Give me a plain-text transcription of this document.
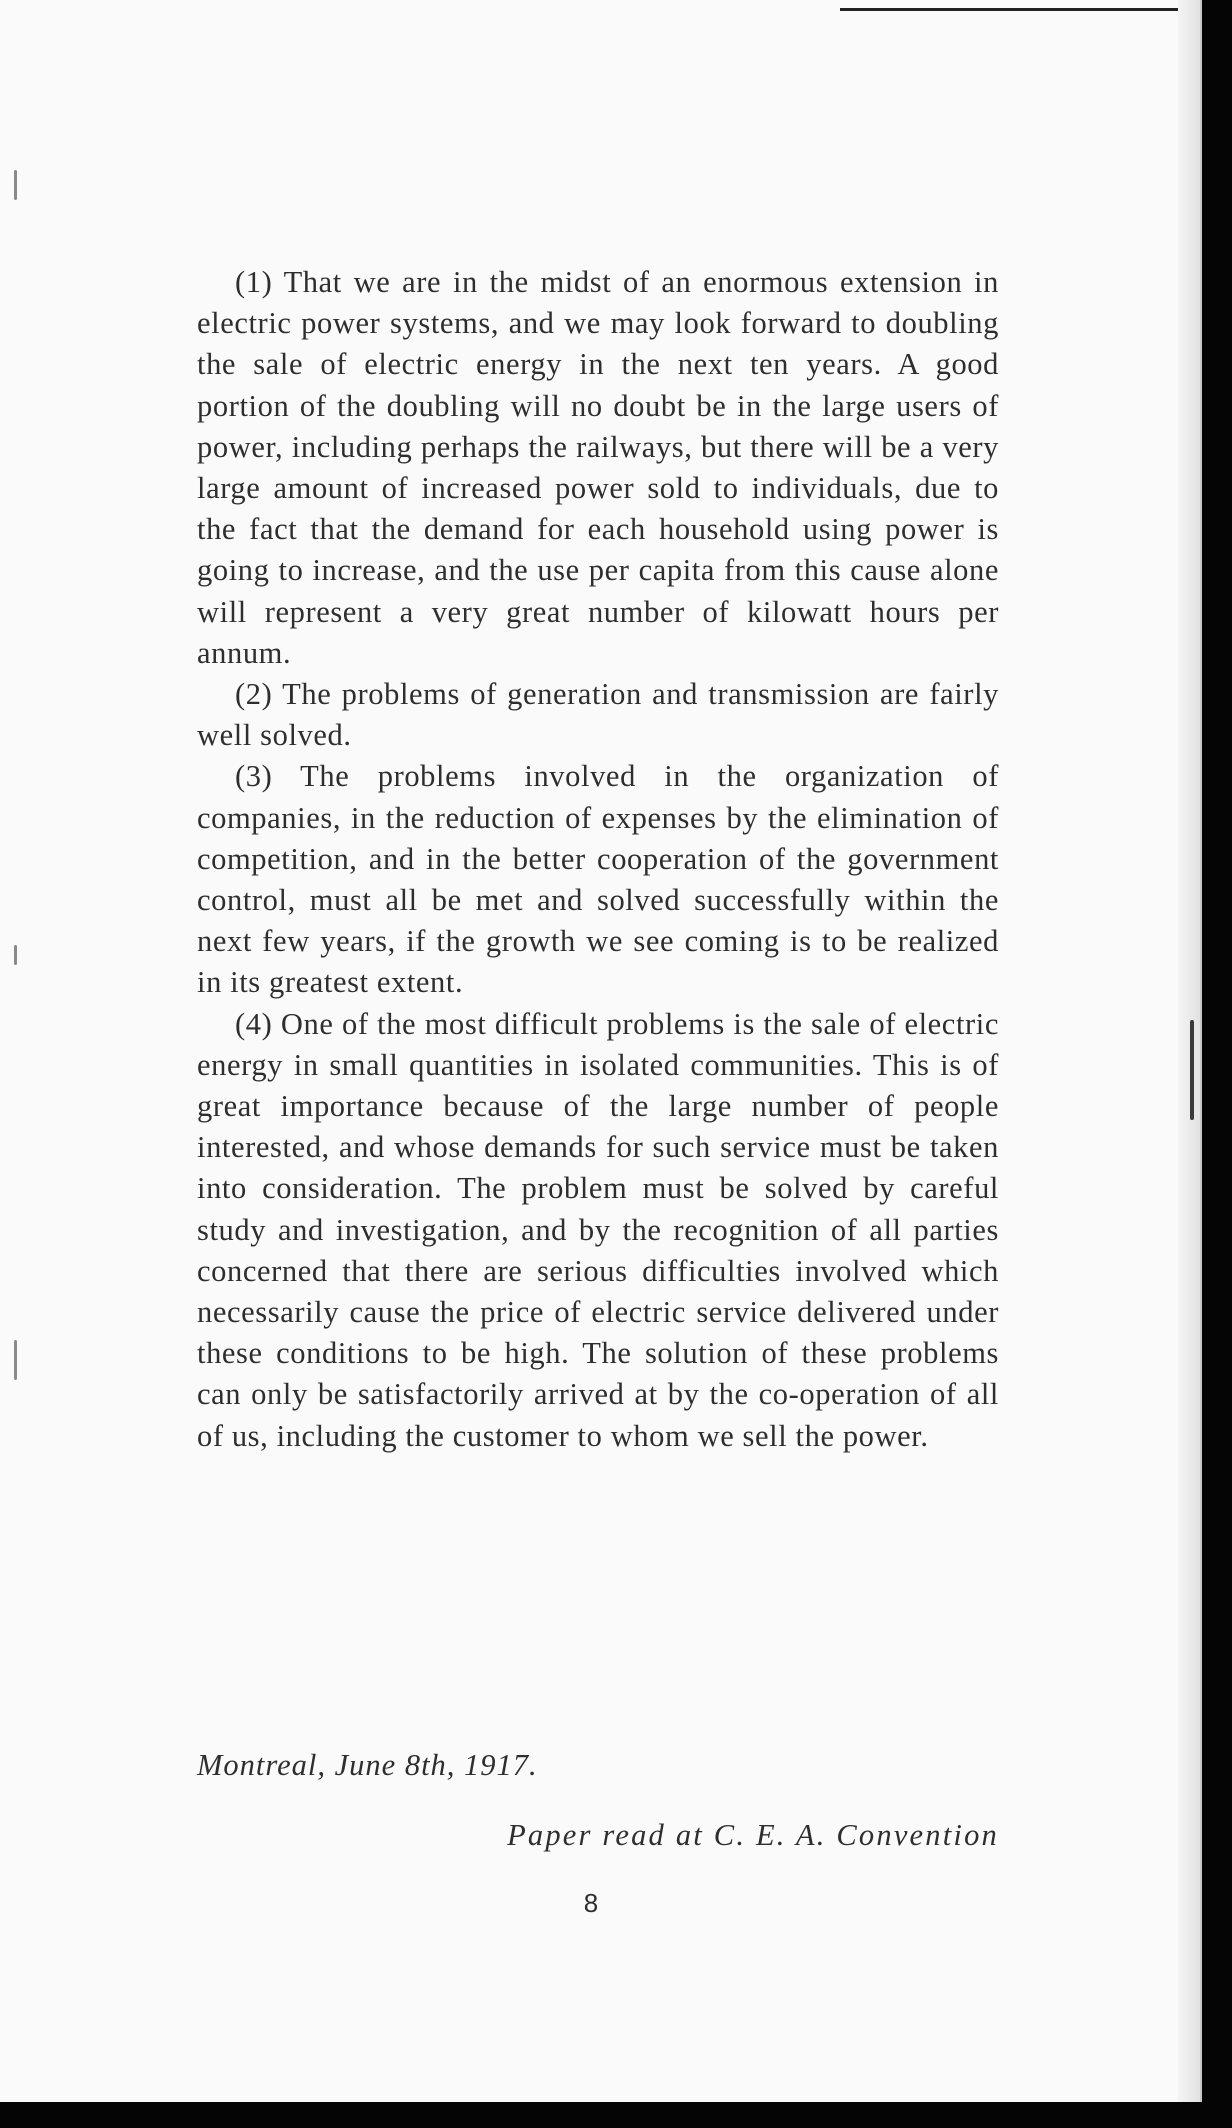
(1) That we are in the midst of an enormous extension in electric power systems, and we may look forward to doubling the sale of electric energy in the next ten years. A good portion of the doubling will no doubt be in the large users of power, including perhaps the railways, but there will be a very large amount of increased power sold to individuals, due to the fact that the demand for each household using power is going to increase, and the use per capita from this cause alone will represent a very great number of kilowatt hours per annum.

(2) The problems of generation and transmission are fairly well solved.

(3) The problems involved in the organization of companies, in the reduction of expenses by the elimination of competition, and in the better cooperation of the government control, must all be met and solved successfully within the next few years, if the growth we see coming is to be realized in its greatest extent.

(4) One of the most difficult problems is the sale of electric energy in small quantities in isolated communities. This is of great importance because of the large number of people interested, and whose demands for such service must be taken into consideration. The problem must be solved by careful study and investigation, and by the recognition of all parties concerned that there are serious difficulties involved which necessarily cause the price of electric service delivered under these conditions to be high. The solution of these problems can only be satisfactorily arrived at by the co-operation of all of us, including the customer to whom we sell the power.

Montreal, June 8th, 1917.
Paper read at C. E. A. Convention
8
